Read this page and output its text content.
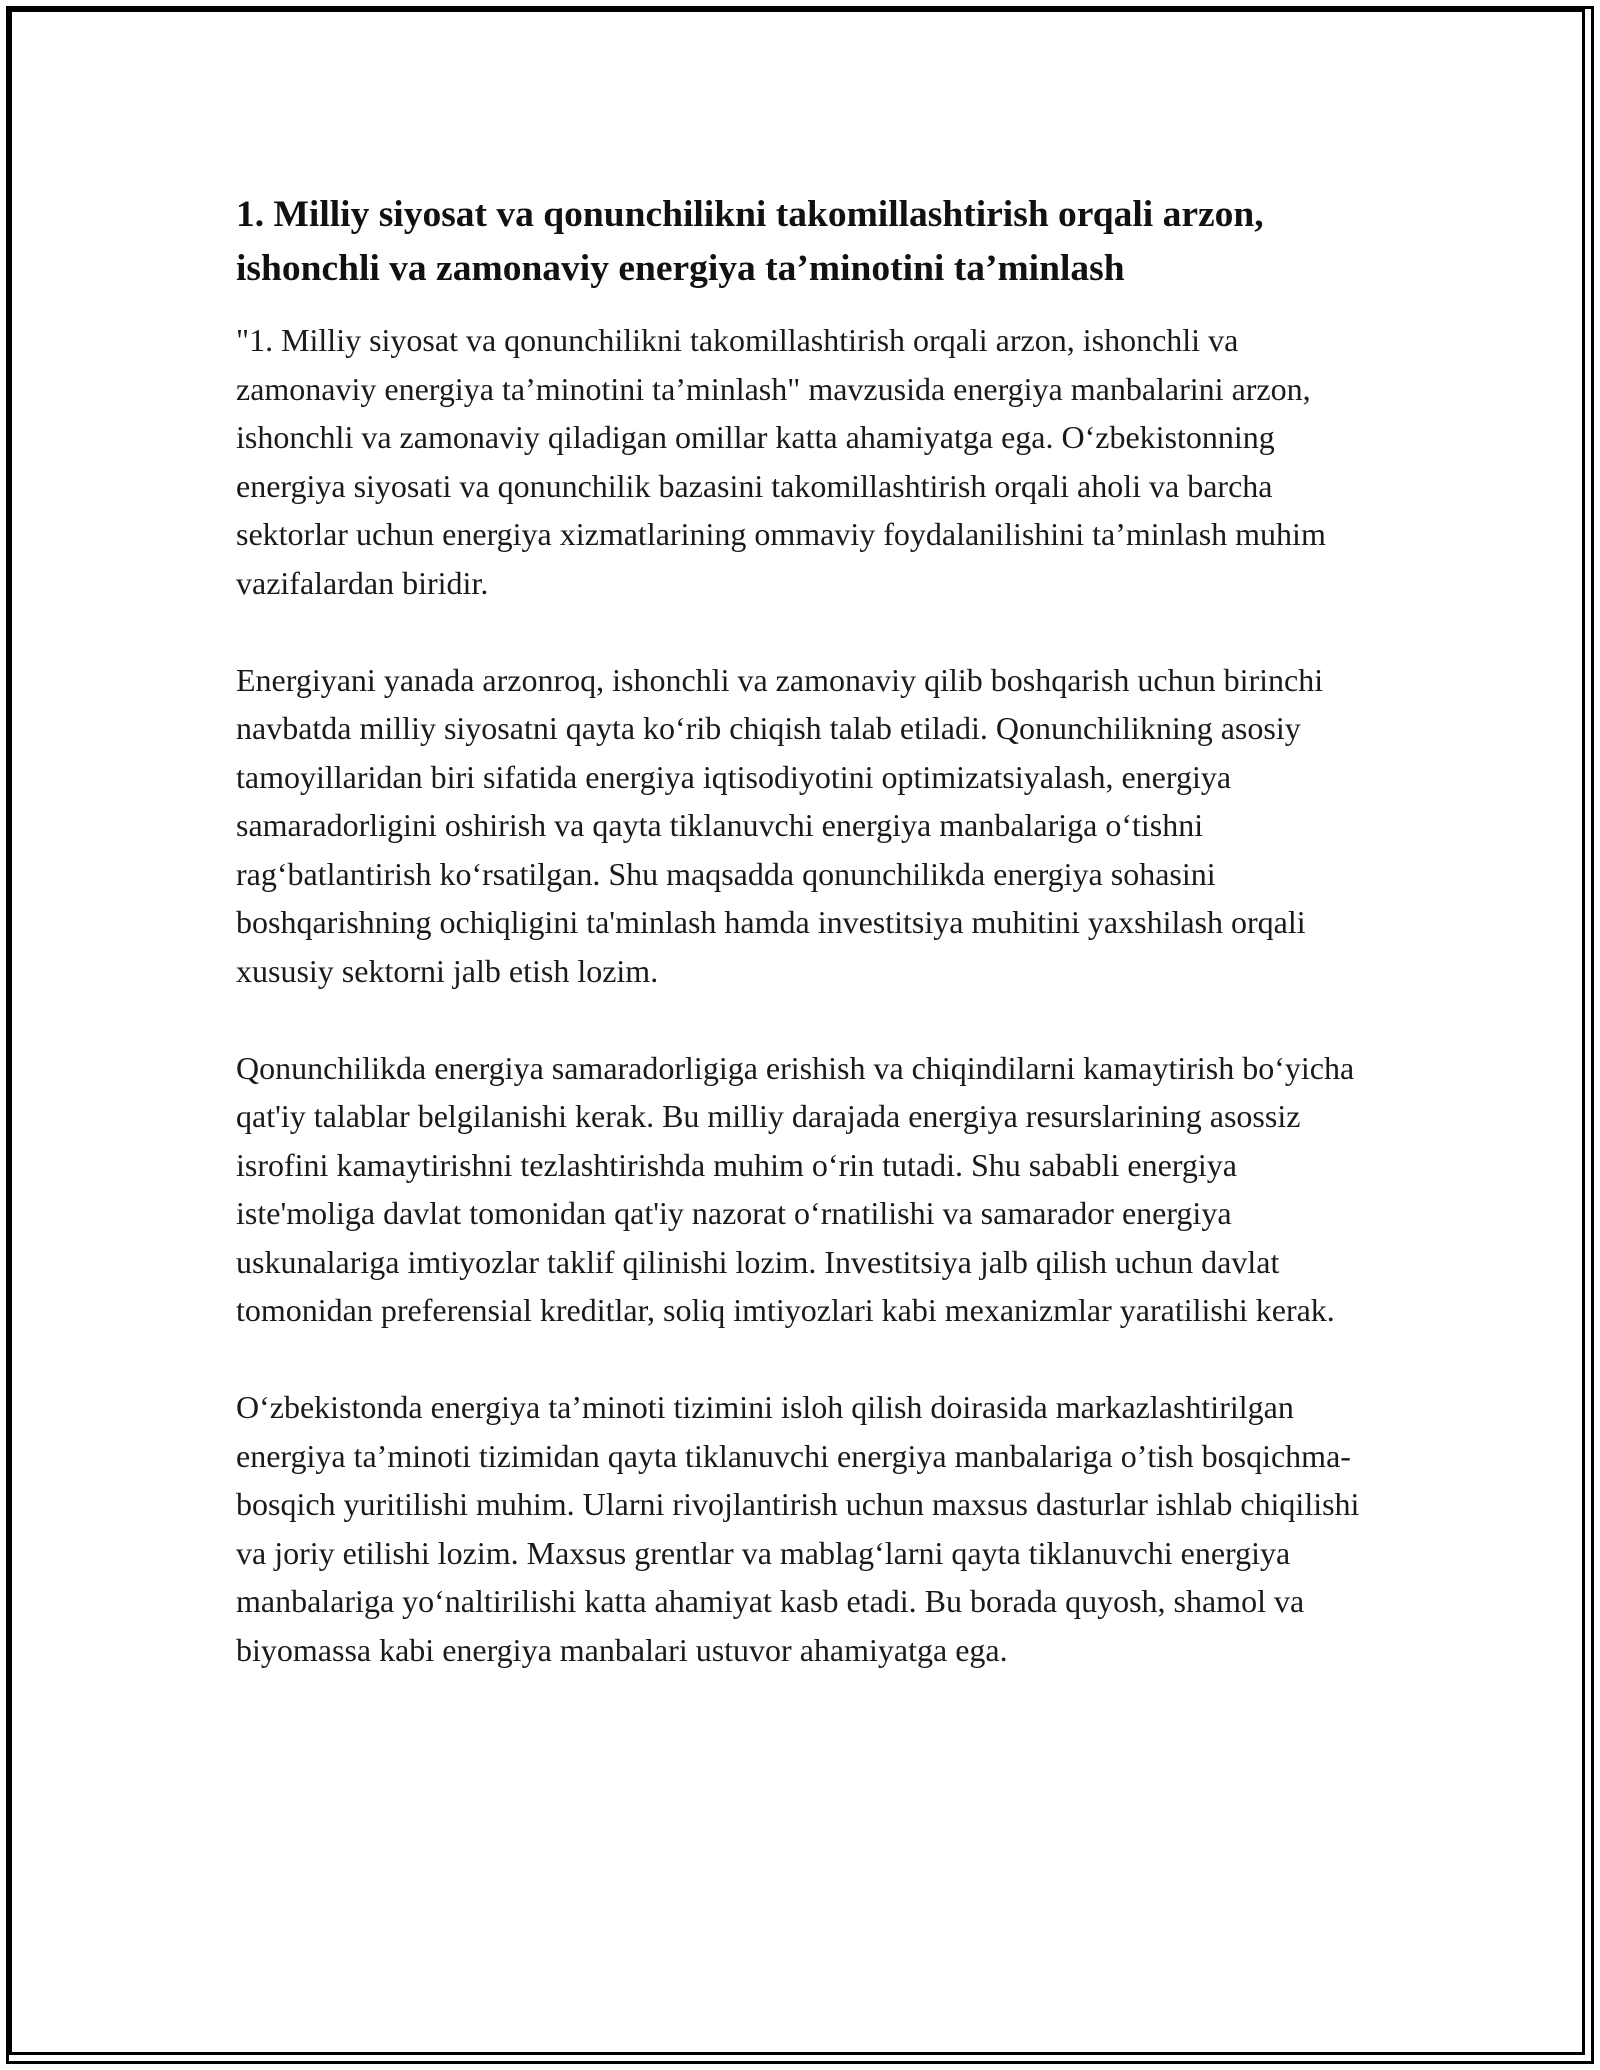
1. Milliy siyosat va qonunchilikni takomillashtirish orqali arzon, ishonchli va zamonaviy energiya taʼminotini taʼminlash

"1. Milliy siyosat va qonunchilikni takomillashtirish orqali arzon, ishonchli va zamonaviy energiya taʼminotini taʼminlash" mavzusida energiya manbalarini arzon, ishonchli va zamonaviy qiladigan omillar katta ahamiyatga ega. Oʻzbekistonning energiya siyosati va qonunchilik bazasini takomillashtirish orqali aholi va barcha sektorlar uchun energiya xizmatlarining ommaviy foydalanilishini taʼminlash muhim vazifalardan biridir.

Energiyani yanada arzonroq, ishonchli va zamonaviy qilib boshqarish uchun birinchi navbatda milliy siyosatni qayta koʻrib chiqish talab etiladi. Qonunchilikning asosiy tamoyillaridan biri sifatida energiya iqtisodiyotini optimizatsiyalash, energiya samaradorligini oshirish va qayta tiklanuvchi energiya manbalariga oʻtishni ragʻbatlantirish koʻrsatilgan. Shu maqsadda qonunchilikda energiya sohasini boshqarishning ochiqligini ta'minlash hamda investitsiya muhitini yaxshilash orqali xususiy sektorni jalb etish lozim.

Qonunchilikda energiya samaradorligiga erishish va chiqindilarni kamaytirish boʻyicha qat'iy talablar belgilanishi kerak. Bu milliy darajada energiya resurslarining asossiz isrofini kamaytirishni tezlashtirishda muhim oʻrin tutadi. Shu sababli energiya iste'moliga davlat tomonidan qat'iy nazorat oʻrnatilishi va samarador energiya uskunalariga imtiyozlar taklif qilinishi lozim. Investitsiya jalb qilish uchun davlat tomonidan preferensial kreditlar, soliq imtiyozlari kabi mexanizmlar yaratilishi kerak.

Oʻzbekistonda energiya taʼminoti tizimini isloh qilish doirasida markazlashtirilgan energiya taʼminoti tizimidan qayta tiklanuvchi energiya manbalariga oʼtish bosqichma-bosqich yuritilishi muhim. Ularni rivojlantirish uchun maxsus dasturlar ishlab chiqilishi va joriy etilishi lozim. Maxsus grentlar va mablagʻlarni qayta tiklanuvchi energiya manbalariga yoʻnaltirilishi katta ahamiyat kasb etadi. Bu borada quyosh, shamol va biyomassa kabi energiya manbalari ustuvor ahamiyatga ega.
